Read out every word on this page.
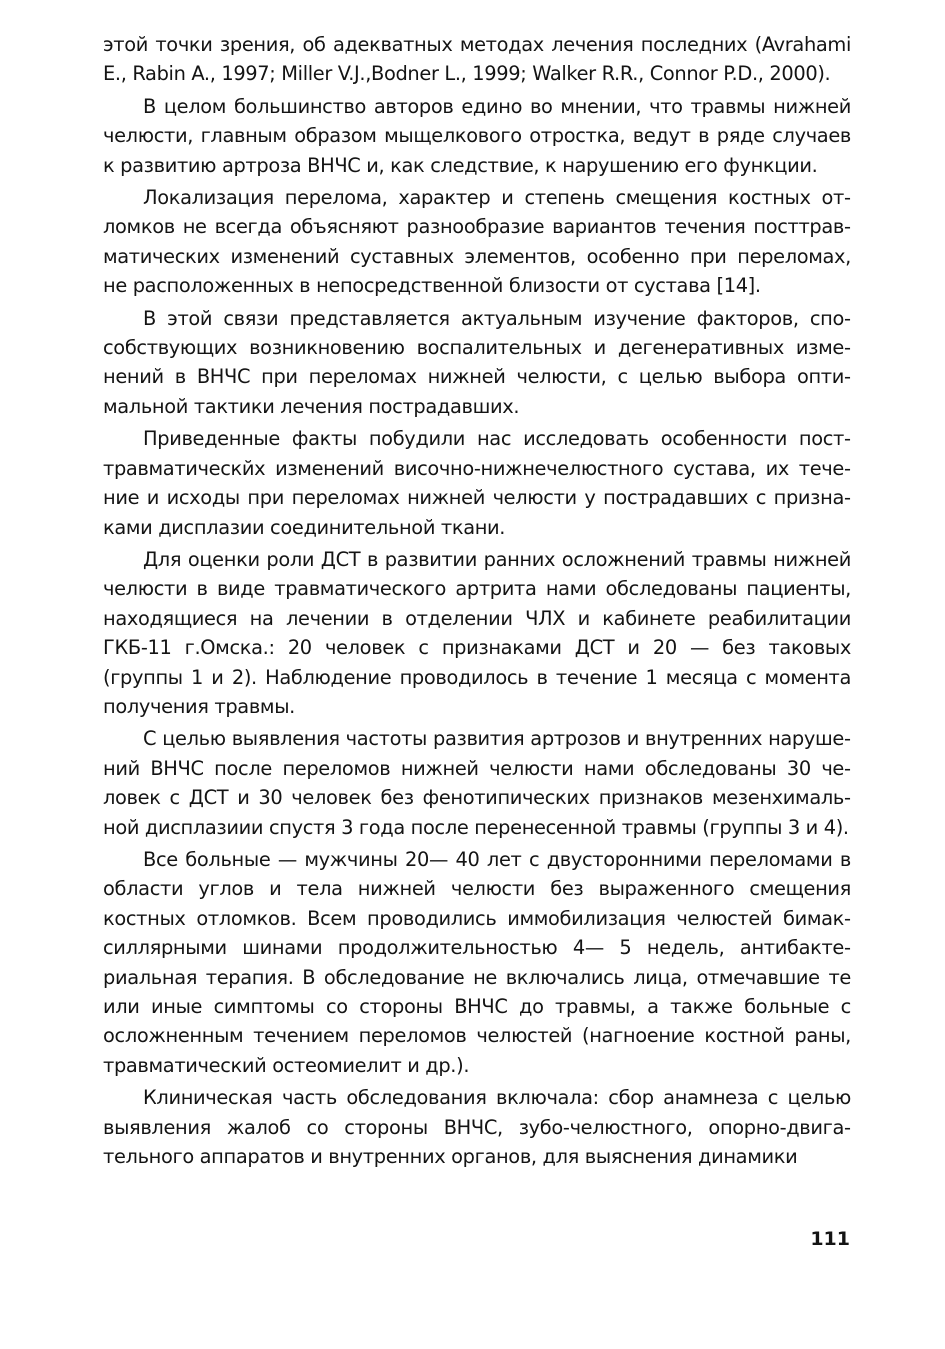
этой точки зрения, об адекватных методах лечения последних (Avrahami E., Rabin A., 1997; Miller V.J.,Bodner L., 1999; Walker R.R., Connor P.D., 2000).

В целом большинство авторов едино во мнении, что травмы нижней челюсти, главным образом мыщелкового отростка, ведут в ряде случаев к развитию артроза ВНЧС и, как следствие, к нарушению его функции.

Локализация перелома, характер и степень смещения костных отломков не всегда объясняют разнообразие вариантов течения посттравматических изменений суставных элементов, особенно при переломах, не расположенных в непосредственной близости от сустава [14].

В этой связи представляется актуальным изучение факторов, способствующих возникновению воспалительных и дегенеративных изменений в ВНЧС при переломах нижней челюсти, с целью выбора оптимальной тактики лечения пострадавших.

Приведенные факты побудили нас исследовать особенности посттравматическйх изменений височно-нижнечелюстного сустава, их течение и исходы при переломах нижней челюсти у пострадавших с признаками дисплазии соединительной ткани.

Для оценки роли ДСТ в развитии ранних осложнений травмы нижней челюсти в виде травматического артрита нами обследованы пациенты, находящиеся на лечении в отделении ЧЛХ и кабинете реабилитации ГКБ-11 г.Омска.: 20 человек с признаками ДСТ и 20 — без таковых (группы 1 и 2). Наблюдение проводилось в течение 1 месяца с момента получения травмы.

С целью выявления частоты развития артрозов и внутренних нарушений ВНЧС после переломов нижней челюсти нами обследованы 30 человек с ДСТ и 30 человек без фенотипических признаков мезенхимальной дисплазиии спустя 3 года после перенесенной травмы (группы 3 и 4).

Все больные — мужчины 20— 40 лет с двусторонними переломами в области углов и тела нижней челюсти без выраженного смещения костных отломков. Всем проводились иммобилизация челюстей бимаксиллярными шинами продолжительностью 4— 5 недель, антибактериальная терапия. В обследование не включались лица, отмечавшие те или иные симптомы со стороны ВНЧС до травмы, а также больные с осложненным течением переломов челюстей (нагноение костной раны, травматический остеомиелит и др.).

Клиническая часть обследования включала: сбор анамнеза с целью выявления жалоб со стороны ВНЧС, зубо-челюстного, опорно-двигательного аппаратов и внутренних органов, для выяснения динамики

111
